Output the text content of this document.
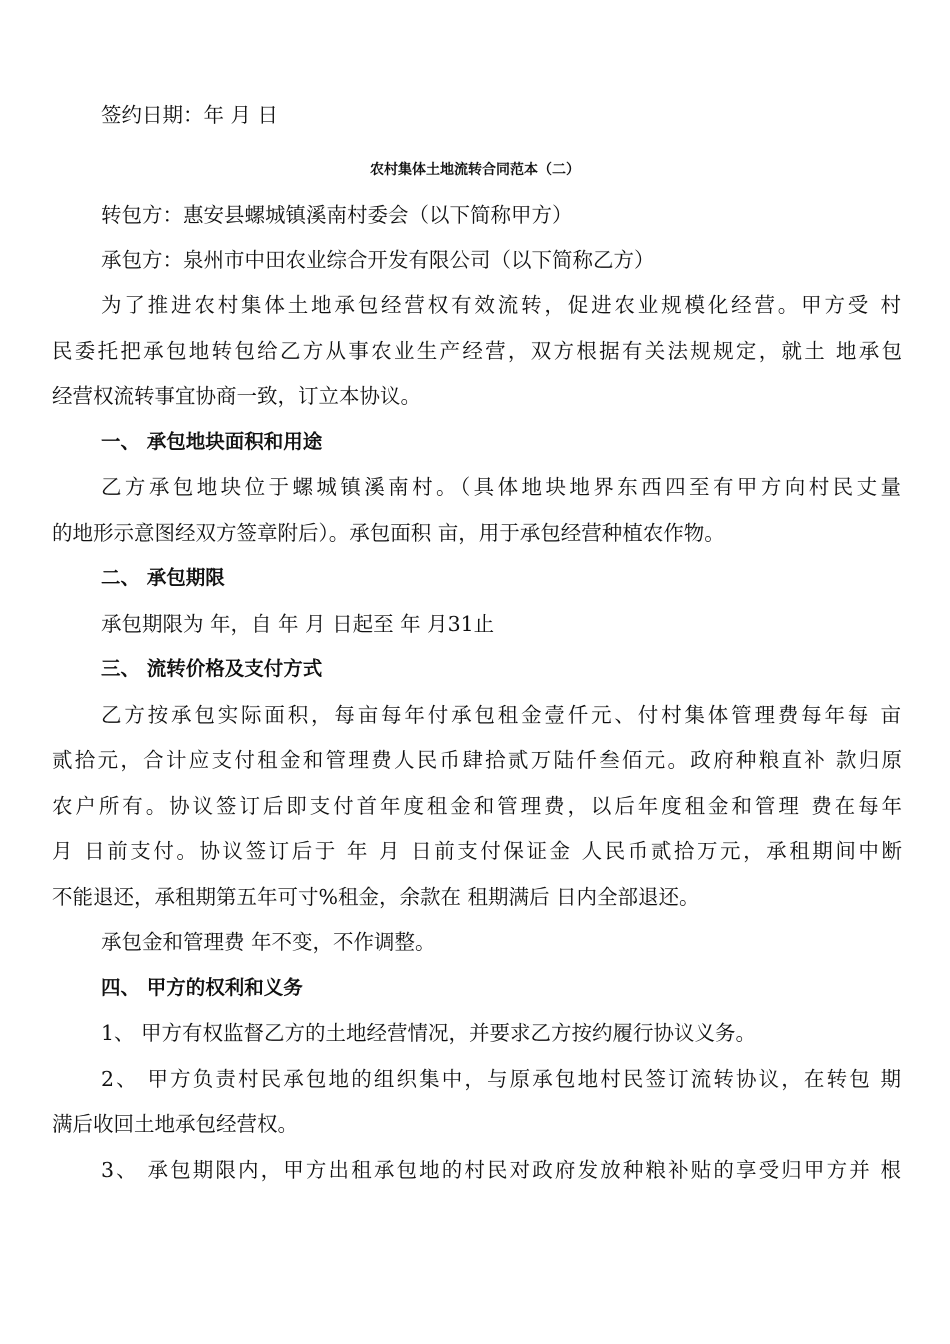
签约日期：年 月 日
农村集体土地流转合同范本（二）
转包方：惠安县螺城镇溪南村委会（以下简称甲方）
承包方：泉州市中田农业综合开发有限公司（以下简称乙方）
为了推进农村集体土地承包经营权有效流转，促进农业规模化经营。甲方受 村
民委托把承包地转包给乙方从事农业生产经营，双方根据有关法规规定，就土 地承包
经营权流转事宜协商一致，订立本协议。
一、 承包地块面积和用途
乙方承包地块位于螺城镇溪南村。（具体地块地界东西四至有甲方向村民丈量
的地形示意图经双方签章附后）。承包面积 亩，用于承包经营种植农作物。
二、 承包期限
承包期限为 年，自 年 月 日起至 年 月31止
三、 流转价格及支付方式
乙方按承包实际面积，每亩每年付承包租金壹仟元、付村集体管理费每年每 亩
贰拾元，合计应支付租金和管理费人民币肆拾贰万陆仟叁佰元。政府种粮直补 款归原
农户所有。协议签订后即支付首年度租金和管理费，以后年度租金和管理 费在每年
月 日前支付。协议签订后于 年 月 日前支付保证金 人民币贰拾万元，承租期间中断
不能退还，承租期第五年可寸%租金，余款在 租期满后 日内全部退还。
承包金和管理费 年不变，不作调整。
四、 甲方的权利和义务
1、 甲方有权监督乙方的土地经营情况，并要求乙方按约履行协议义务。
2、 甲方负责村民承包地的组织集中，与原承包地村民签订流转协议，在转包 期
满后收回土地承包经营权。
3、 承包期限内，甲方出租承包地的村民对政府发放种粮补贴的享受归甲方并 根
